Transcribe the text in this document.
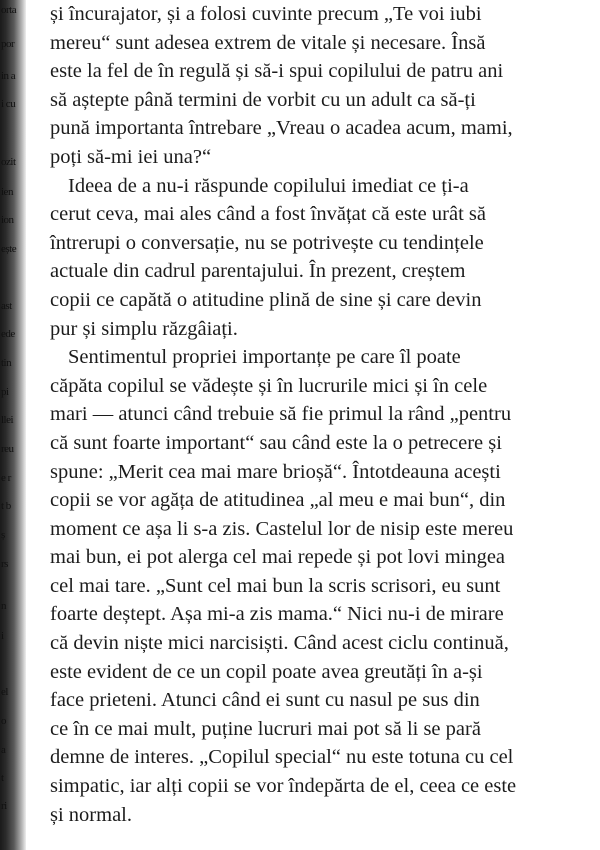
orta
por
in a
i cu
ozit
ien
ion
ește
ast
ede
tin
pi
llei
reu
e r
t b
ș
rs
n
i
el
o
a
t
ri

și încurajator, și a folosi cuvinte precum „Te voi iubi
mereu“ sunt adesea extrem de vitale și necesare. Însă
este la fel de în regulă și să-i spui copilului de patru ani
să aștepte până termini de vorbit cu un adult ca să-ți
pună importanta întrebare „Vreau o acadea acum, mami,
poți să-mi iei una?“

Ideea de a nu-i răspunde copilului imediat ce ți-a
cerut ceva, mai ales când a fost învățat că este urât să
întrerupi o conversație, nu se potrivește cu tendințele
actuale din cadrul parentajului. În prezent, creștem
copii ce capătă o atitudine plină de sine și care devin
pur și simplu răzgâiați.

Sentimentul propriei importanțe pe care îl poate
căpăta copilul se vădește și în lucrurile mici și în cele
mari — atunci când trebuie să fie primul la rând „pentru
că sunt foarte important“ sau când este la o petrecere și
spune: „Merit cea mai mare brioșă“. Întotdeauna acești
copii se vor agăța de atitudinea „al meu e mai bun“, din
moment ce așa li s-a zis. Castelul lor de nisip este mereu
mai bun, ei pot alerga cel mai repede și pot lovi mingea
cel mai tare. „Sunt cel mai bun la scris scrisori, eu sunt
foarte deștept. Așa mi-a zis mama.“ Nici nu-i de mirare
că devin niște mici narcisiști. Când acest ciclu continuă,
este evident de ce un copil poate avea greutăți în a-și
face prieteni. Atunci când ei sunt cu nasul pe sus din
ce în ce mai mult, puține lucruri mai pot să li se pară
demne de interes. „Copilul special“ nu este totuna cu cel
simpatic, iar alți copii se vor îndepărta de el, ceea ce este
și normal.
